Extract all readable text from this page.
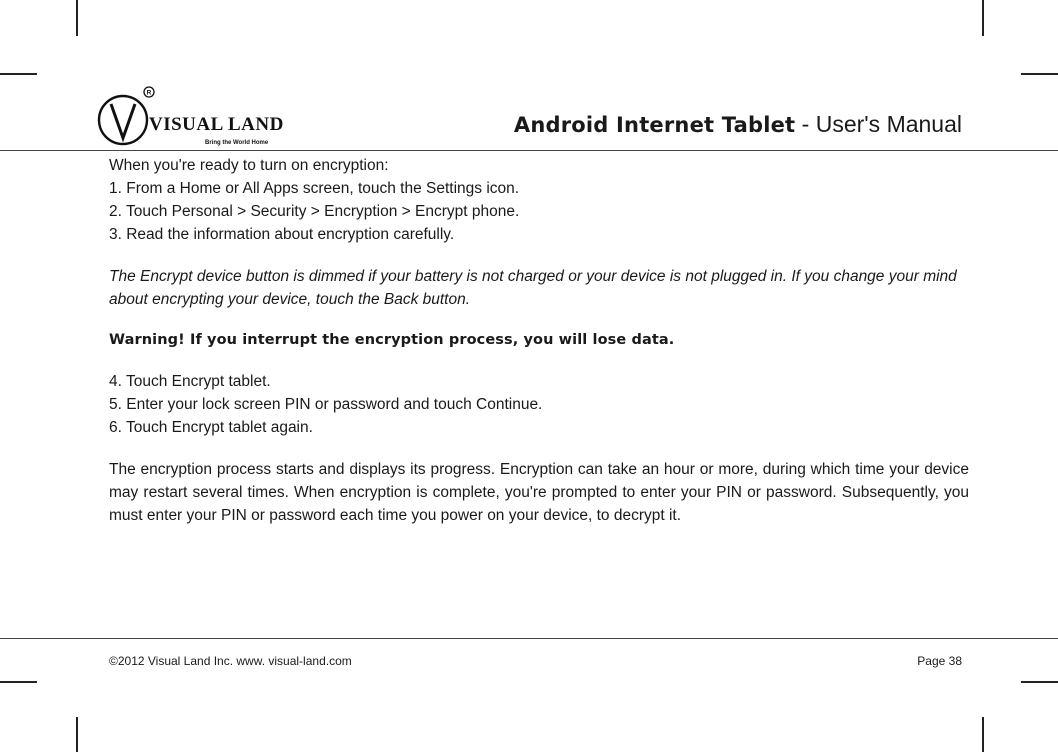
R
VISUAL LAND
Bring the World Home
Android Internet Tablet - User's Manual

When you're ready to turn on encryption:

1. From a Home or All Apps screen, touch the Settings icon.

2. Touch Personal > Security > Encryption > Encrypt phone.

3. Read the information about encryption carefully.

The Encrypt device button is dimmed if your battery is not charged or your device is not plugged in. If you change your mind about encrypting your device, touch the Back button.

Warning! If you interrupt the encryption process, you will lose data.

4. Touch Encrypt tablet.

5. Enter your lock screen PIN or password and touch Continue.

6. Touch Encrypt tablet again.

The encryption process starts and displays its progress. Encryption can take an hour or more, during which time your device may restart several times. When encryption is complete, you're prompted to enter your PIN or password. Subsequently, you must enter your PIN or password each time you power on your device, to decrypt it.

©2012 Visual Land Inc. www. visual-land.com	Page 38
